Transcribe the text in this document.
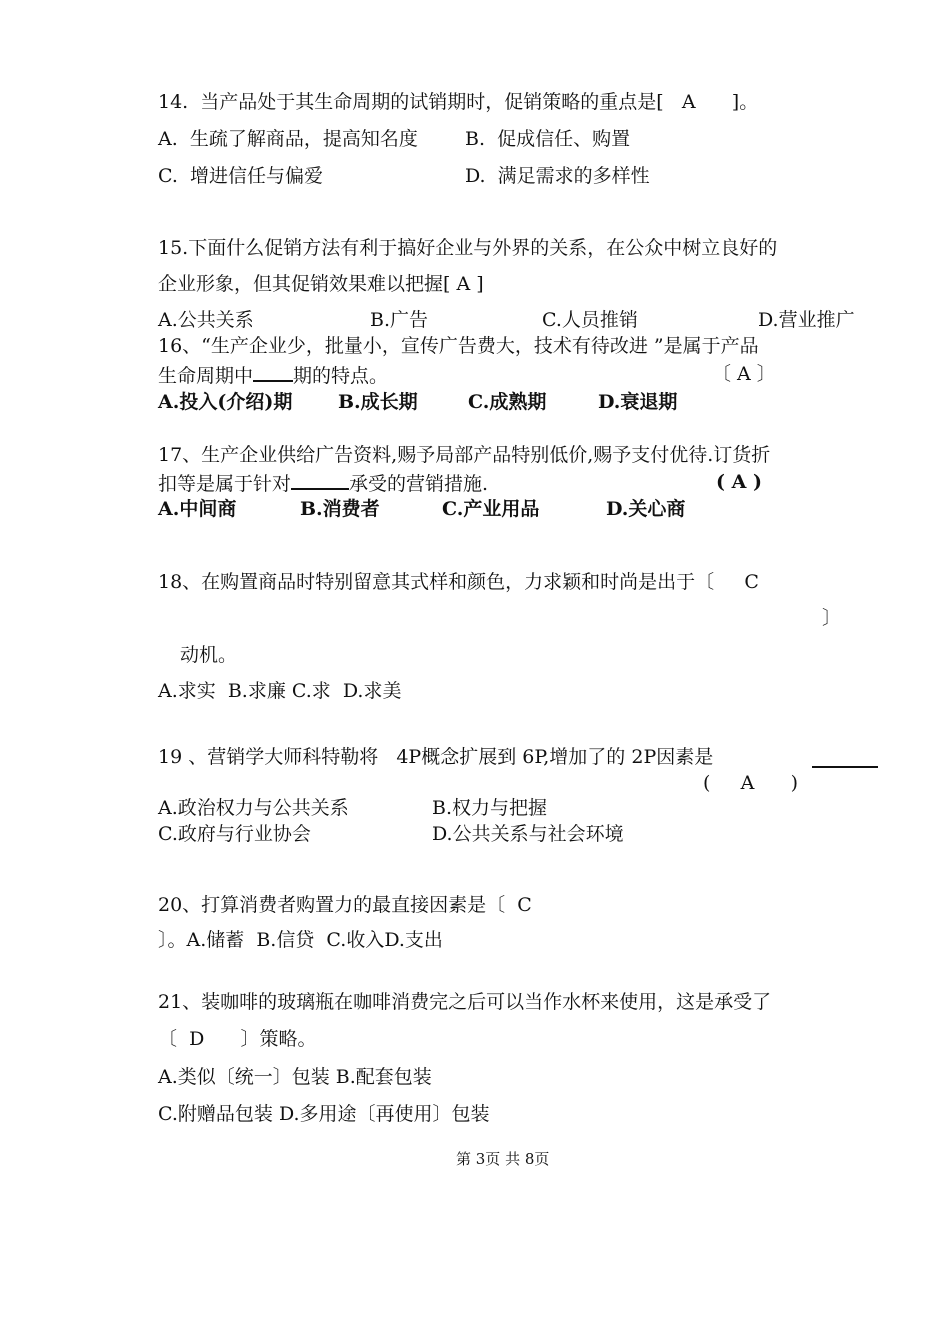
14.  当产品处于其生命周期的试销期时，促销策略的重点是[   A      ]。
A.  生疏了解商品，提高知名度 B.  促成信任、购置
C.  增进信任与偏爱	D.  满足需求的多样性
15.下面什么促销方法有利于搞好企业与外界的关系，在公众中树立良好的
企业形象，但其促销效果难以把握[ A ]
A.公共关系	B.广告	C.人员推销	D.营业推广
16、“生产企业少，批量小，宣传广告费大，技术有待改进 ”是属于产品
生命周期中 期的特点。	〔 A 〕
A.投入(介绍)期 B.成长期	C.成熟期	D.衰退期
17、生产企业供给广告资料,赐予局部产品特别低价,赐予支付优待.订货折
扣等是属于针对	承受的营销措施.	( A )
A.中间商	B.消费者	C.产业用品	D.关心商
18、在购置商品时特别留意其式样和颜色，力求颖和时尚是出于〔     C
〕
动机。
A.求实  B.求廉 C.求  D.求美
19 、营销学大师科特勒将   4P概念扩展到 6P,增加了的 2P因素是
(     A      )
A.政治权力与公共关系	B.权力与把握
C.政府与行业协会	D.公共关系与社会环境
20、打算消费者购置力的最直接因素是〔  C
〕。A.储蓄  B.信贷  C.收入D.支出
21、装咖啡的玻璃瓶在咖啡消费完之后可以当作水杯来使用，这是承受了
〔  D      〕策略。
A.类似〔统一〕包装 B.配套包装
C.附赠品包装 D.多用途〔再使用〕包装
第 3页 共 8页
